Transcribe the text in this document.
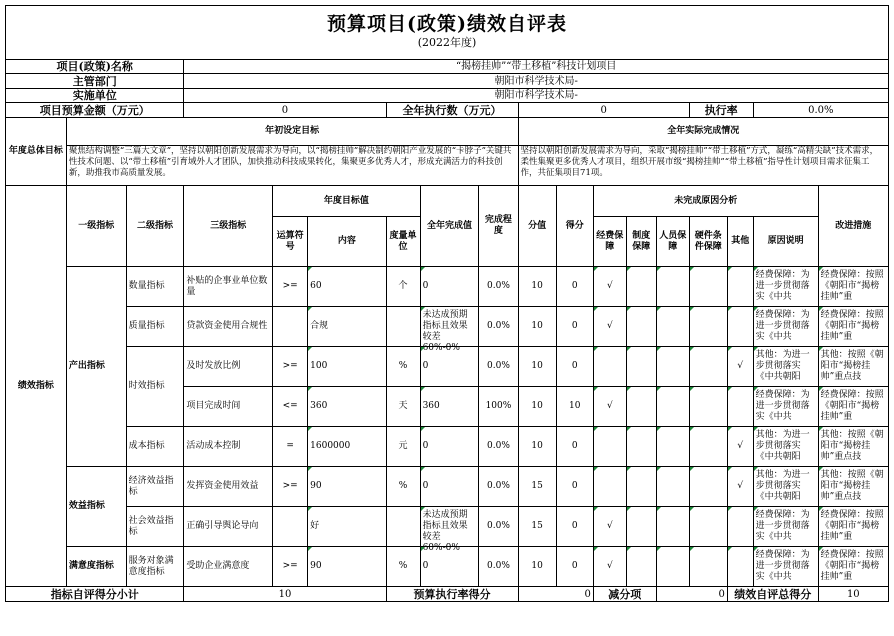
预算项目(政策)绩效自评表
(2022年度)																	

项目(政策)名称			“揭榜挂帅”“带土移植”科技计划项目														
主管部门			朝阳市科学技术局-														
实施单位			朝阳市科学技术局-														
项目预算金额（万元）			0			全年执行数（万元）			0					执行率		0.0%	
年度总体目标	年初设定目标								全年实际完成情况								

	聚焦结构调整“三篇大文章”，坚持以朝阳创新发展需求为导向，以“揭榜挂帅”解决制约朝阳产业发展的“卡脖子”关键共性技术问题、以“带土移植”引育域外人才团队，加快推动科技成果转化，集聚更多优秀人才，形成充满活力的科技创新，助推我市高质量发展。								坚持以朝阳创新发展需求为导向，采取“揭榜挂帅”“带土移植”方式，凝练“高精尖缺”技术需求，柔性集聚更多优秀人才项目，组织开展市级“揭榜挂帅”“带土移植”指导性计划项目需求征集工作，共征集项目71项。								

绩效指标	一级指标	二级指标	三级指标	年度目标值			全年完成值	完成程度	分值	得分	未完成原因分析						改进措施
				运算符号	内容	度量单位					经费保障	制度保障	人员保障	硬件条件保障	其他	原因说明	
	产出指标	数量指标	补贴的企事业单位数量	>=	60	个	0	0.0%	10	0	√					经费保障：为进一步贯彻落实《中共	经费保障：按照《朝阳市“揭榜挂帅”重

		质量指标	贷款资金使用合规性		合规		未达成预期指标且效果较差60%-0%	0.0%	10	0	√					经费保障：为进一步贯彻落实《中共	经费保障：按照《朝阳市“揭榜挂帅”重

		时效指标	及时发放比例	>=	100	%	0	0.0%	10	0					√	其他：为进一步贯彻落实《中共朝阳	其他：按照《朝阳市“揭榜挂帅”重点技

			项目完成时间	<=	360	天	360	100%	10	10	√					经费保障：为进一步贯彻落实《中共	经费保障：按照《朝阳市“揭榜挂帅”重

		成本指标	活动成本控制	=	1600000	元	0	0.0%	10	0					√	其他：为进一步贯彻落实《中共朝阳	其他：按照《朝阳市“揭榜挂帅”重点技

	效益指标	经济效益指标	发挥资金使用效益	>=	90	%	0	0.0%	15	0					√	其他：为进一步贯彻落实《中共朝阳	其他：按照《朝阳市“揭榜挂帅”重点技

		社会效益指标	正确引导舆论导向		好		未达成预期指标且效果较差60%-0%	0.0%	15	0	√					经费保障：为进一步贯彻落实《中共	经费保障：按照《朝阳市“揭榜挂帅”重

	满意度指标	服务对象满意度指标	受助企业满意度	>=	90	%	0	0.0%	10	0	√					经费保障：为进一步贯彻落实《中共	经费保障：按照《朝阳市“揭榜挂帅”重

指标自评得分小计			10			预算执行率得分			0		减分项		0		绩效自评总得分		10
